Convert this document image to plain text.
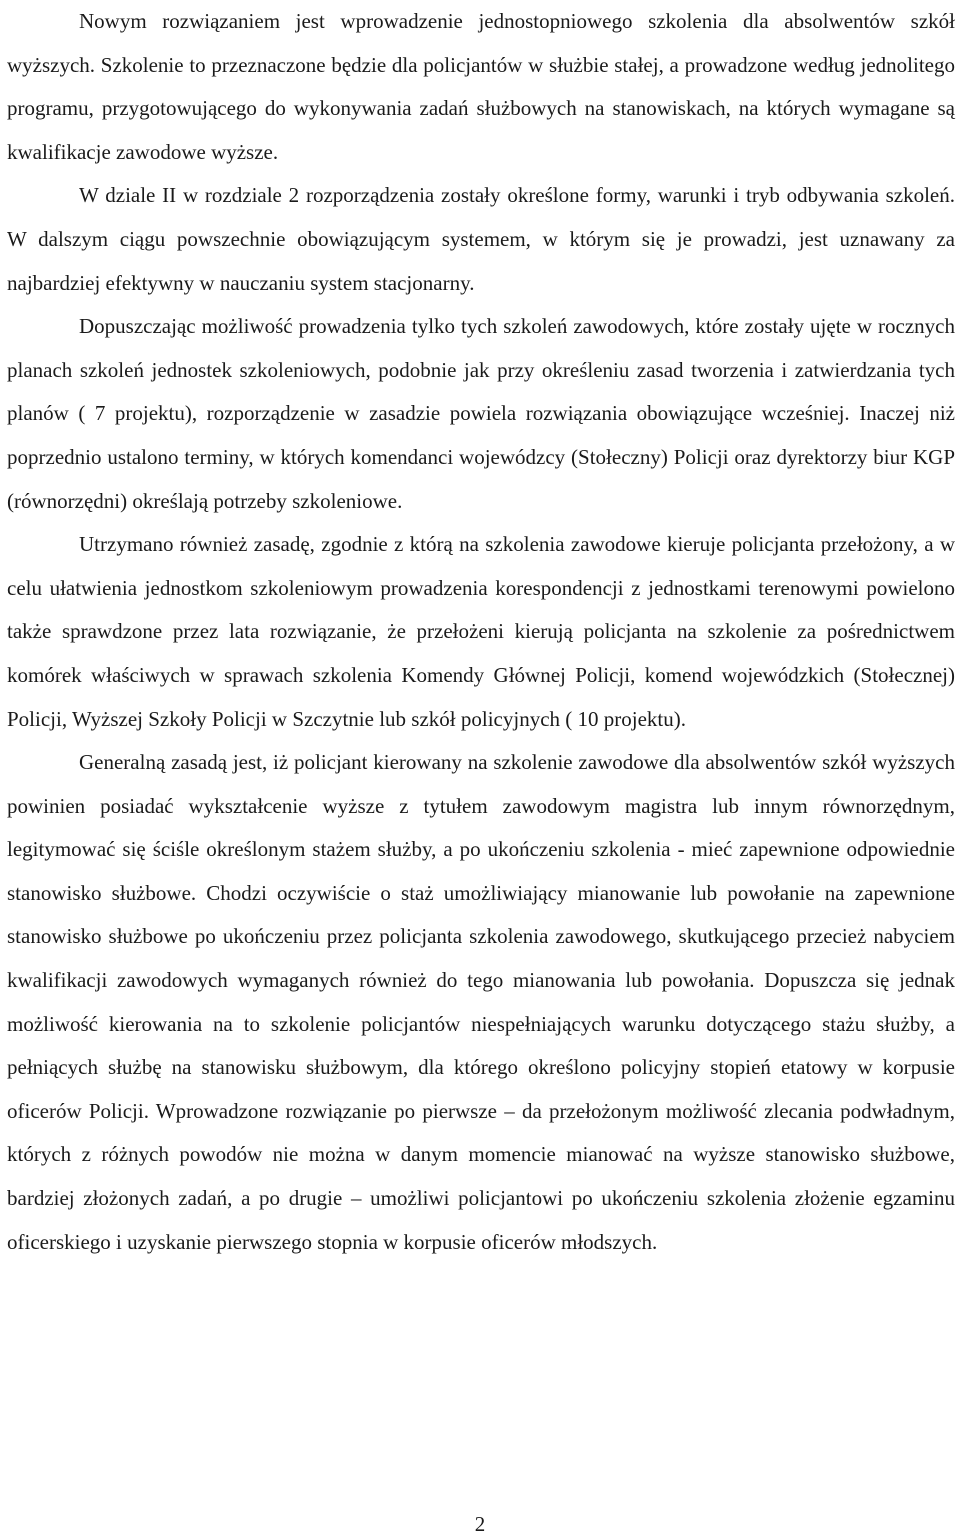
Nowym rozwiązaniem jest wprowadzenie jednostopniowego szkolenia dla absolwentów szkół wyższych. Szkolenie to przeznaczone będzie dla policjantów w służbie stałej, a prowadzone według jednolitego programu, przygotowującego do wykonywania zadań służbowych na stanowiskach, na których wymagane są kwalifikacje zawodowe wyższe.

W dziale II w rozdziale 2 rozporządzenia zostały określone formy, warunki i tryb odbywania szkoleń. W dalszym ciągu powszechnie obowiązującym systemem, w którym się je prowadzi, jest uznawany za najbardziej efektywny w nauczaniu system stacjonarny.

Dopuszczając możliwość prowadzenia tylko tych szkoleń zawodowych, które zostały ujęte w rocznych planach szkoleń jednostek szkoleniowych, podobnie jak przy określeniu zasad tworzenia i zatwierdzania tych planów ( 7 projektu), rozporządzenie w zasadzie powiela rozwiązania obowiązujące wcześniej. Inaczej niż poprzednio ustalono terminy, w których komendanci wojewódzcy (Stołeczny) Policji oraz dyrektorzy biur KGP (równorzędni) określają potrzeby szkoleniowe.

Utrzymano również zasadę, zgodnie z którą na szkolenia zawodowe kieruje policjanta przełożony, a w celu ułatwienia jednostkom szkoleniowym prowadzenia korespondencji z jednostkami terenowymi powielono także sprawdzone przez lata rozwiązanie, że przełożeni kierują policjanta na szkolenie za pośrednictwem komórek właściwych w sprawach szkolenia Komendy Głównej Policji, komend wojewódzkich (Stołecznej) Policji, Wyższej Szkoły Policji w Szczytnie lub szkół policyjnych ( 10 projektu).

Generalną zasadą jest, iż policjant kierowany na szkolenie zawodowe dla absolwentów szkół wyższych powinien posiadać wykształcenie wyższe z tytułem zawodowym magistra lub innym równorzędnym, legitymować się ściśle określonym stażem służby, a po ukończeniu szkolenia - mieć zapewnione odpowiednie stanowisko służbowe. Chodzi oczywiście o staż umożliwiający mianowanie lub powołanie na zapewnione stanowisko służbowe po ukończeniu przez policjanta szkolenia zawodowego, skutkującego przecież nabyciem kwalifikacji zawodowych wymaganych również do tego mianowania lub powołania. Dopuszcza się jednak możliwość kierowania na to szkolenie policjantów niespełniających warunku dotyczącego stażu służby, a pełniących służbę na stanowisku służbowym, dla którego określono policyjny stopień etatowy w korpusie oficerów Policji. Wprowadzone rozwiązanie po pierwsze – da przełożonym możliwość zlecania podwładnym, których z różnych powodów nie można w danym momencie mianować na wyższe stanowisko służbowe, bardziej złożonych zadań, a po drugie – umożliwi policjantowi po ukończeniu szkolenia złożenie egzaminu oficerskiego i uzyskanie pierwszego stopnia w korpusie oficerów młodszych.

2
